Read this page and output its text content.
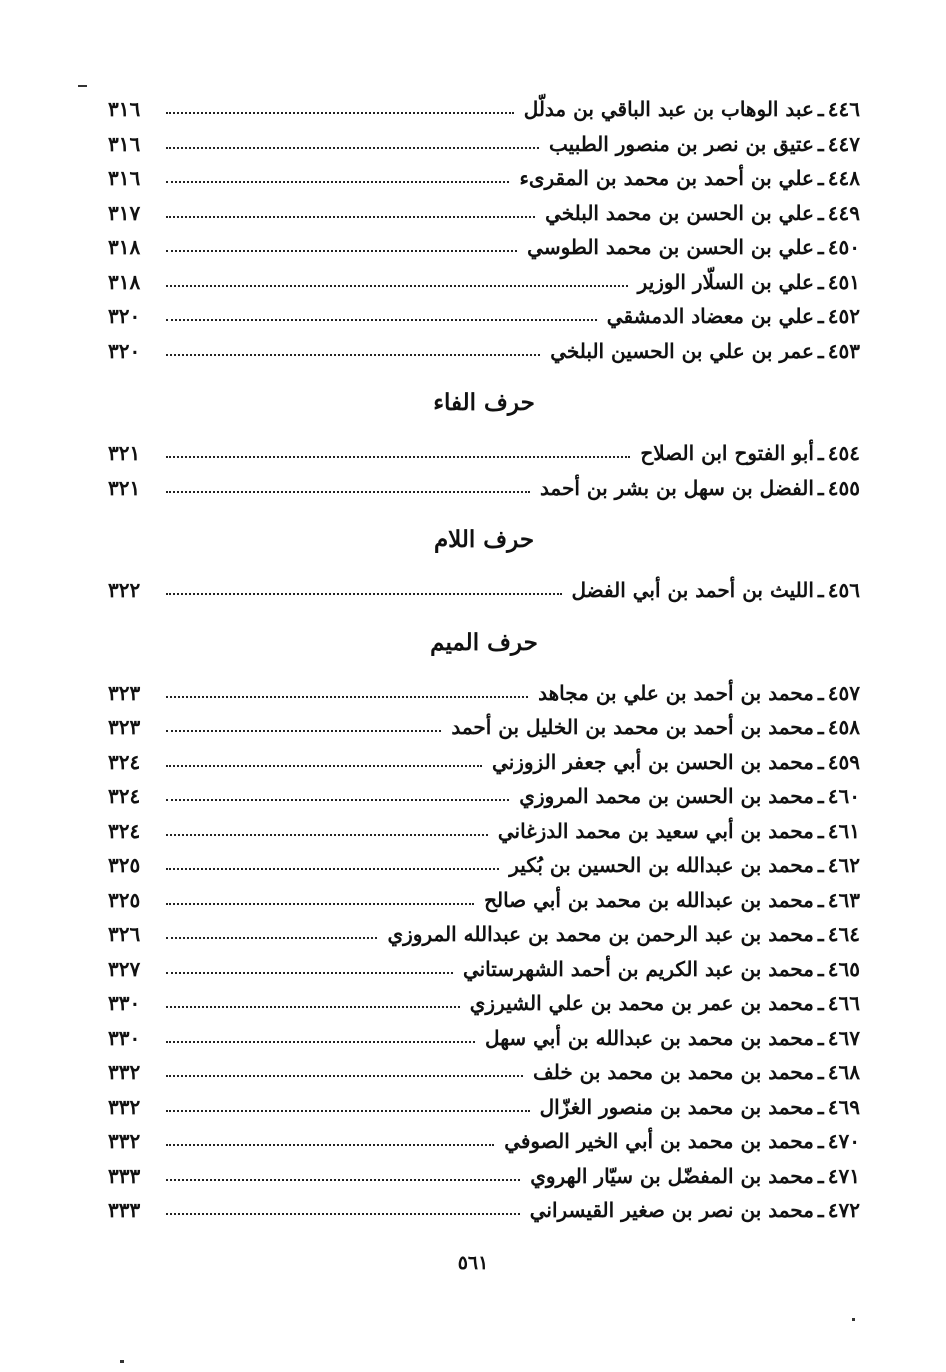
٤٤٦
ـ
عبد الوهاب بن عبد الباقي بن مدلّل
٣١٦
٤٤٧
ـ
عتيق بن نصر بن منصور الطبيب
٣١٦
٤٤٨
ـ
علي بن أحمد بن محمد بن المقرىء
٣١٦
٤٤٩
ـ
علي بن الحسن بن محمد البلخي
٣١٧
٤٥٠
ـ
علي بن الحسن بن محمد الطوسي
٣١٨
٤٥١
ـ
علي بن السلّار الوزير
٣١٨
٤٥٢
ـ
علي بن معضاد الدمشقي
٣٢٠
٤٥٣
ـ
عمر بن علي بن الحسين البلخي
٣٢٠
حرف الفاء
٤٥٤
ـ
أبو الفتوح ابن الصلاح
٣٢١
٤٥٥
ـ
الفضل بن سهل بن بشر بن أحمد
٣٢١
حرف اللام
٤٥٦
ـ
الليث بن أحمد بن أبي الفضل
٣٢٢
حرف الميم
٤٥٧
ـ
محمد بن أحمد بن علي بن مجاهد
٣٢٣
٤٥٨
ـ
محمد بن أحمد بن محمد بن الخليل بن أحمد
٣٢٣
٤٥٩
ـ
محمد بن الحسن بن أبي جعفر الزوزني
٣٢٤
٤٦٠
ـ
محمد بن الحسن بن محمد المروزي
٣٢٤
٤٦١
ـ
محمد بن أبي سعيد بن محمد الدزغاني
٣٢٤
٤٦٢
ـ
محمد بن عبدالله بن الحسين بن بُكير
٣٢٥
٤٦٣
ـ
محمد بن عبدالله بن محمد بن أبي صالح
٣٢٥
٤٦٤
ـ
محمد بن عبد الرحمن بن محمد بن عبدالله المروزي
٣٢٦
٤٦٥
ـ
محمد بن عبد الكريم بن أحمد الشهرستاني
٣٢٧
٤٦٦
ـ
محمد بن عمر بن محمد بن علي الشيرزي
٣٣٠
٤٦٧
ـ
محمد بن محمد بن عبدالله بن أبي سهل
٣٣٠
٤٦٨
ـ
محمد بن محمد بن محمد بن خلف
٣٣٢
٤٦٩
ـ
محمد بن محمد بن منصور الغزّال
٣٣٢
٤٧٠
ـ
محمد بن محمد بن أبي الخير الصوفي
٣٣٢
٤٧١
ـ
محمد بن المفضّل بن سيّار الهروي
٣٣٣
٤٧٢
ـ
محمد بن نصر بن صغير القيسراني
٣٣٣
٥٦١
